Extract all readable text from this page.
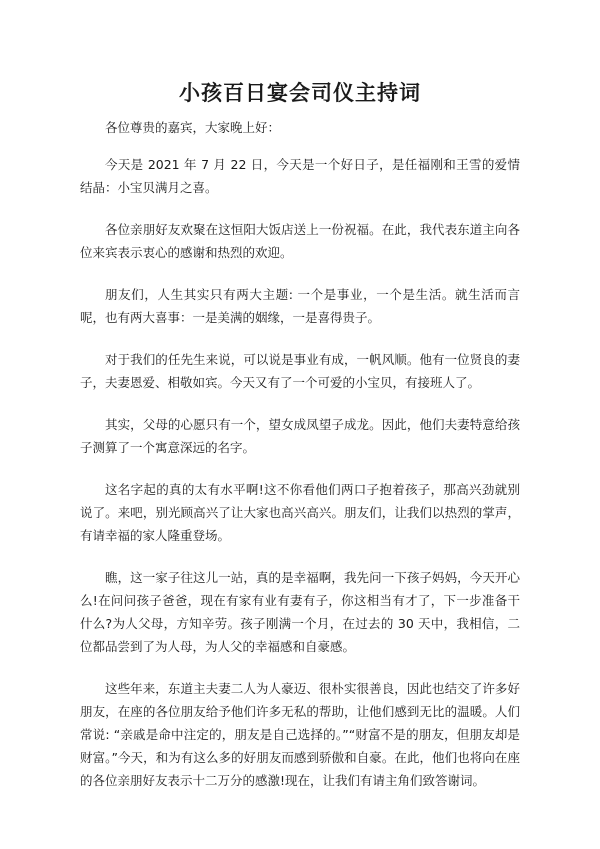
小孩百日宴会司仪主持词

各位尊贵的嘉宾，大家晚上好：

今天是 2021 年 7 月 22 日，今天是一个好日子，是任福刚和王雪的爱情结晶：小宝贝满月之喜。

各位亲朋好友欢聚在这恒阳大饭店送上一份祝福。在此，我代表东道主向各位来宾表示衷心的感谢和热烈的欢迎。

朋友们，人生其实只有两大主题: 一个是事业，一个是生活。就生活而言呢，也有两大喜事：一是美满的姻缘，一是喜得贵子。

对于我们的任先生来说，可以说是事业有成，一帆风顺。他有一位贤良的妻子，夫妻恩爱、相敬如宾。今天又有了一个可爱的小宝贝，有接班人了。

其实，父母的心愿只有一个，望女成凤望子成龙。因此，他们夫妻特意给孩子测算了一个寓意深远的名字。

这名字起的真的太有水平啊!这不你看他们两口子抱着孩子，那高兴劲就别说了。来吧，别光顾高兴了让大家也高兴高兴。朋友们，让我们以热烈的掌声，有请幸福的家人隆重登场。

瞧，这一家子往这儿一站，真的是幸福啊，我先问一下孩子妈妈，今天开心么!在问问孩子爸爸，现在有家有业有妻有子，你这相当有才了，下一步准备干什么?为人父母，方知辛劳。孩子刚满一个月，在过去的 30 天中，我相信，二位都品尝到了为人母，为人父的幸福感和自豪感。

这些年来，东道主夫妻二人为人豪迈、很朴实很善良，因此也结交了许多好朋友，在座的各位朋友给予他们许多无私的帮助，让他们感到无比的温暖。人们常说: “亲戚是命中注定的，朋友是自己选择的。”“财富不是的朋友，但朋友却是财富。”今天，和为有这么多的好朋友而感到骄傲和自豪。在此，他们也将向在座的各位亲朋好友表示十二万分的感激!现在，让我们有请主角们致答谢词。
